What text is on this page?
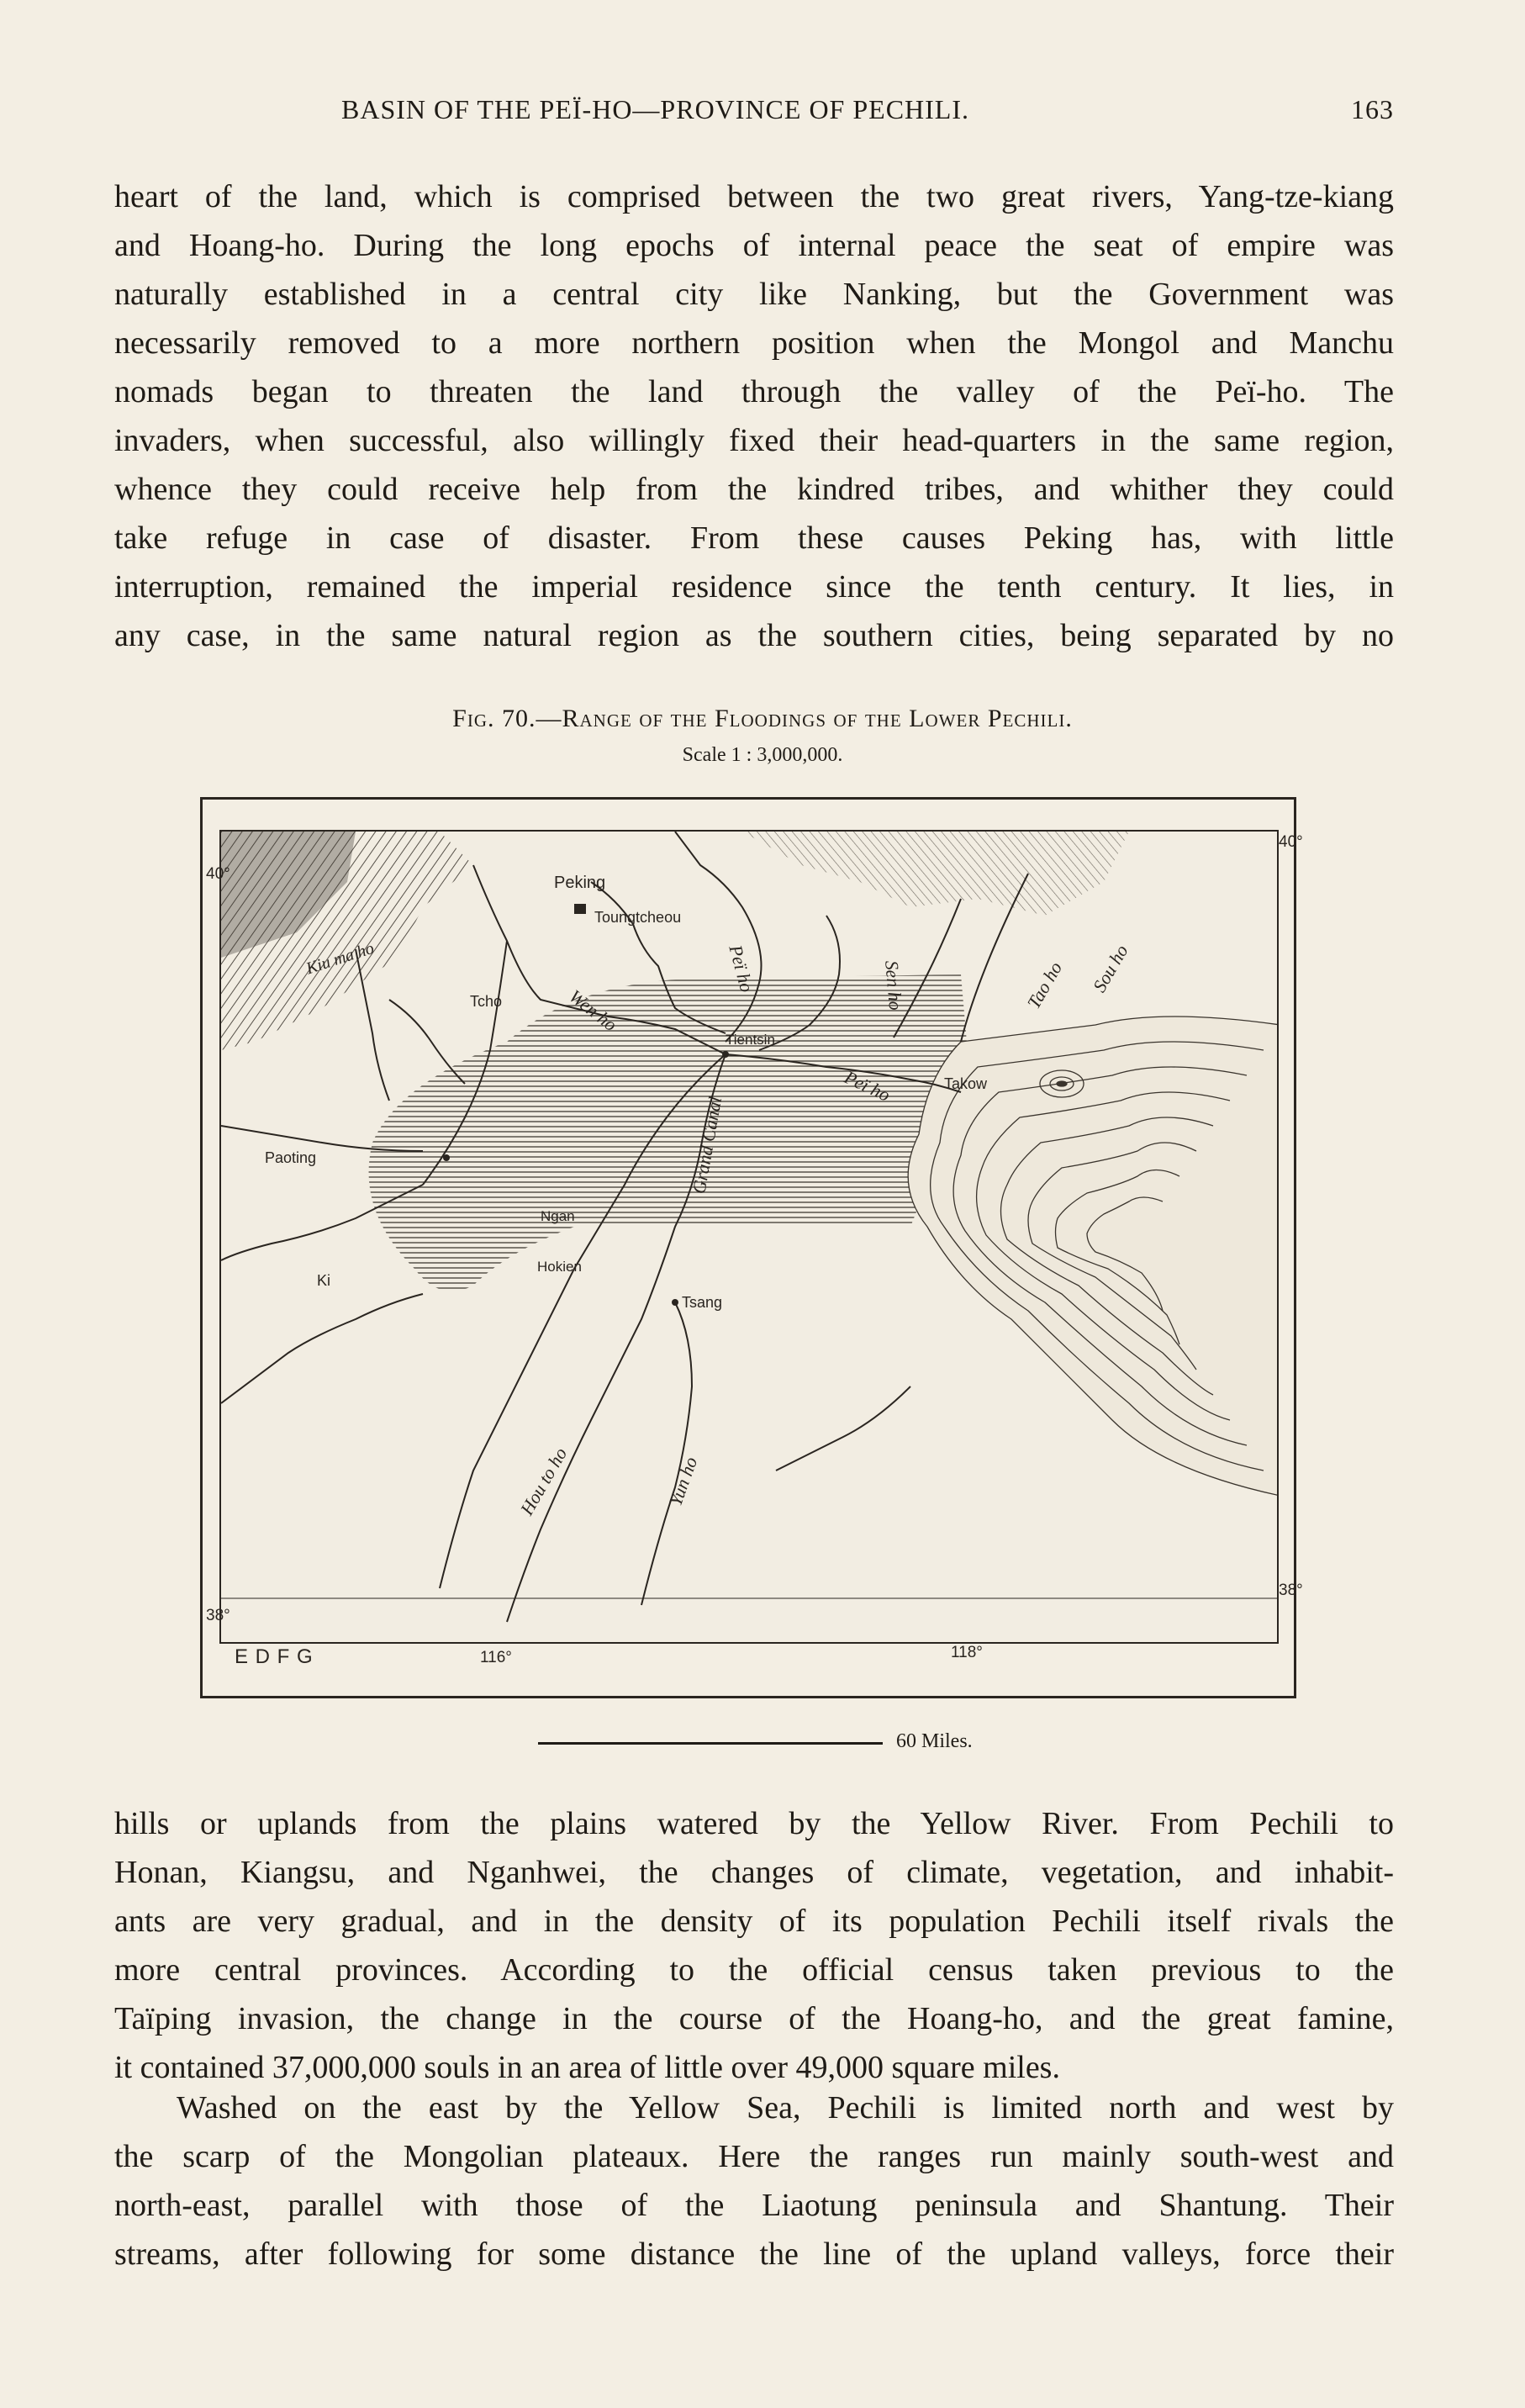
BASIN OF THE PEÏ-HO—PROVINCE OF PECHILI.	163
heart of the land, which is comprised between the two great rivers, Yang-tze-kiang
and Hoang-ho. During the long epochs of internal peace the seat of empire was
naturally established in a central city like Nanking, but the Government was
necessarily removed to a more northern position when the Mongol and Manchu
nomads began to threaten the land through the valley of the Peï-ho. The
invaders, when successful, also willingly fixed their head-quarters in the same region,
whence they could receive help from the kindred tribes, and whither they could
take refuge in case of disaster. From these causes Peking has, with little
interruption, remained the imperial residence since the tenth century. It lies, in
any case, in the same natural region as the southern cities, being separated by no
Fig. 70.—Range of the Floodings of the Lower Pechili.
Scale 1 : 3,000,000.
Peking
Toungtcheou
Tcho
Tientsin
Takow
Paoting
Ngan
Hokien
Ki
Tsang
Kiu ma ho
Wen ho
Peï ho	Sen ho	Tao ho Sou ho
Grand Canal
Peï ho
Hou to ho	Yun ho
40°
40°
38°
38°
116°	118°
E D F G
60 Miles.
hills or uplands from the plains watered by the Yellow River. From Pechili to
Honan, Kiangsu, and Nganhwei, the changes of climate, vegetation, and inhabit-
ants are very gradual, and in the density of its population Pechili itself rivals the
more central provinces. According to the official census taken previous to the
Taïping invasion, the change in the course of the Hoang-ho, and the great famine,
it contained 37,000,000 souls in an area of little over 49,000 square miles.
Washed on the east by the Yellow Sea, Pechili is limited north and west by
the scarp of the Mongolian plateaux. Here the ranges run mainly south-west and
north-east, parallel with those of the Liaotung peninsula and Shantung. Their
streams, after following for some distance the line of the upland valleys, force their
